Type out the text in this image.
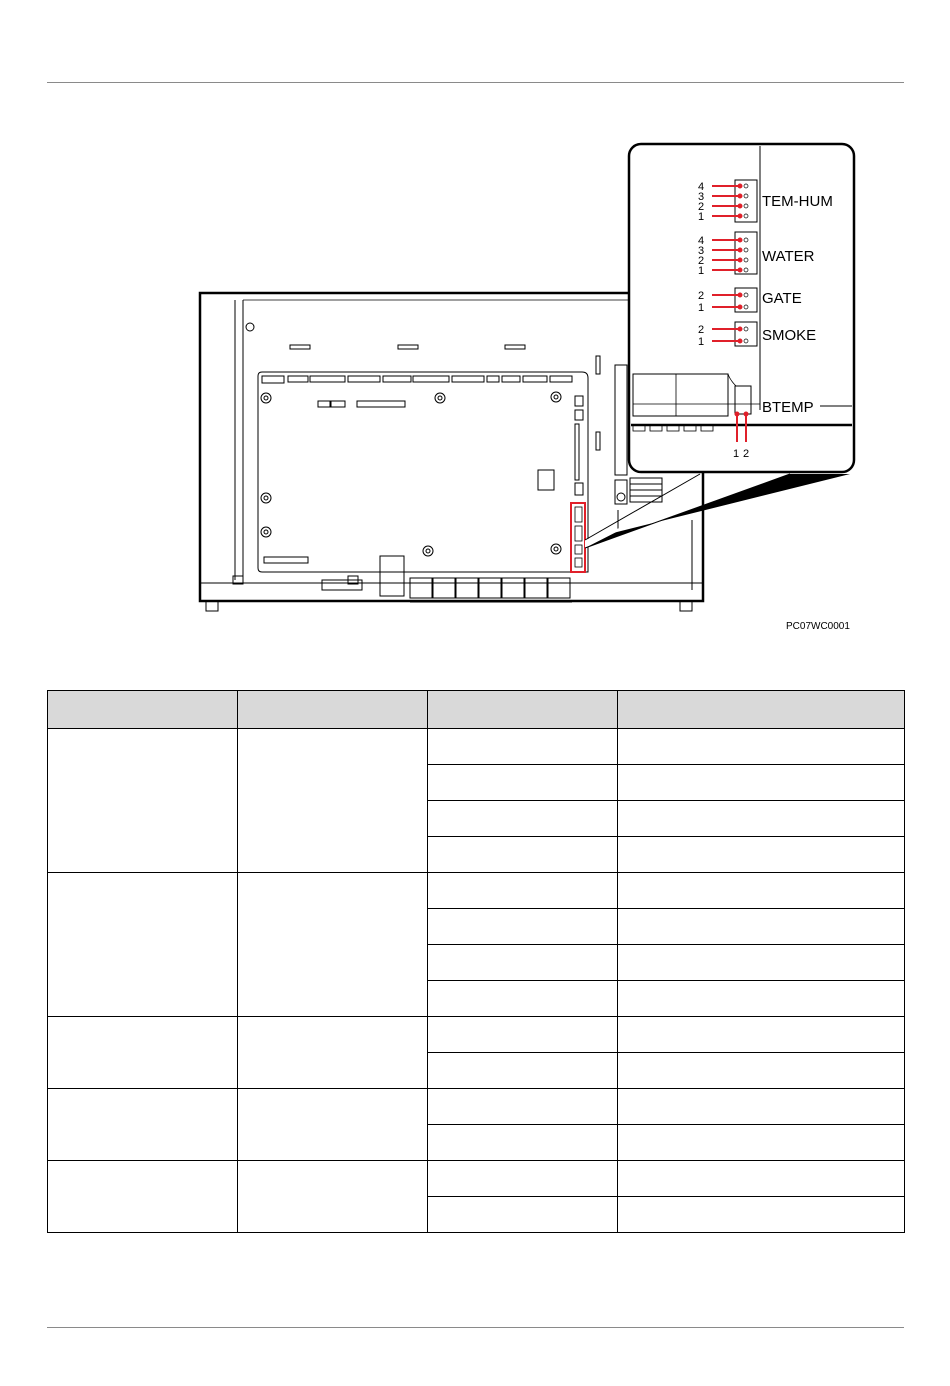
4
3
2
1
4
3
2
1
2
1
2
1
1 2
TEM-HUM
WATER
GATE
SMOKE
BTEMP
PC07WC0001
